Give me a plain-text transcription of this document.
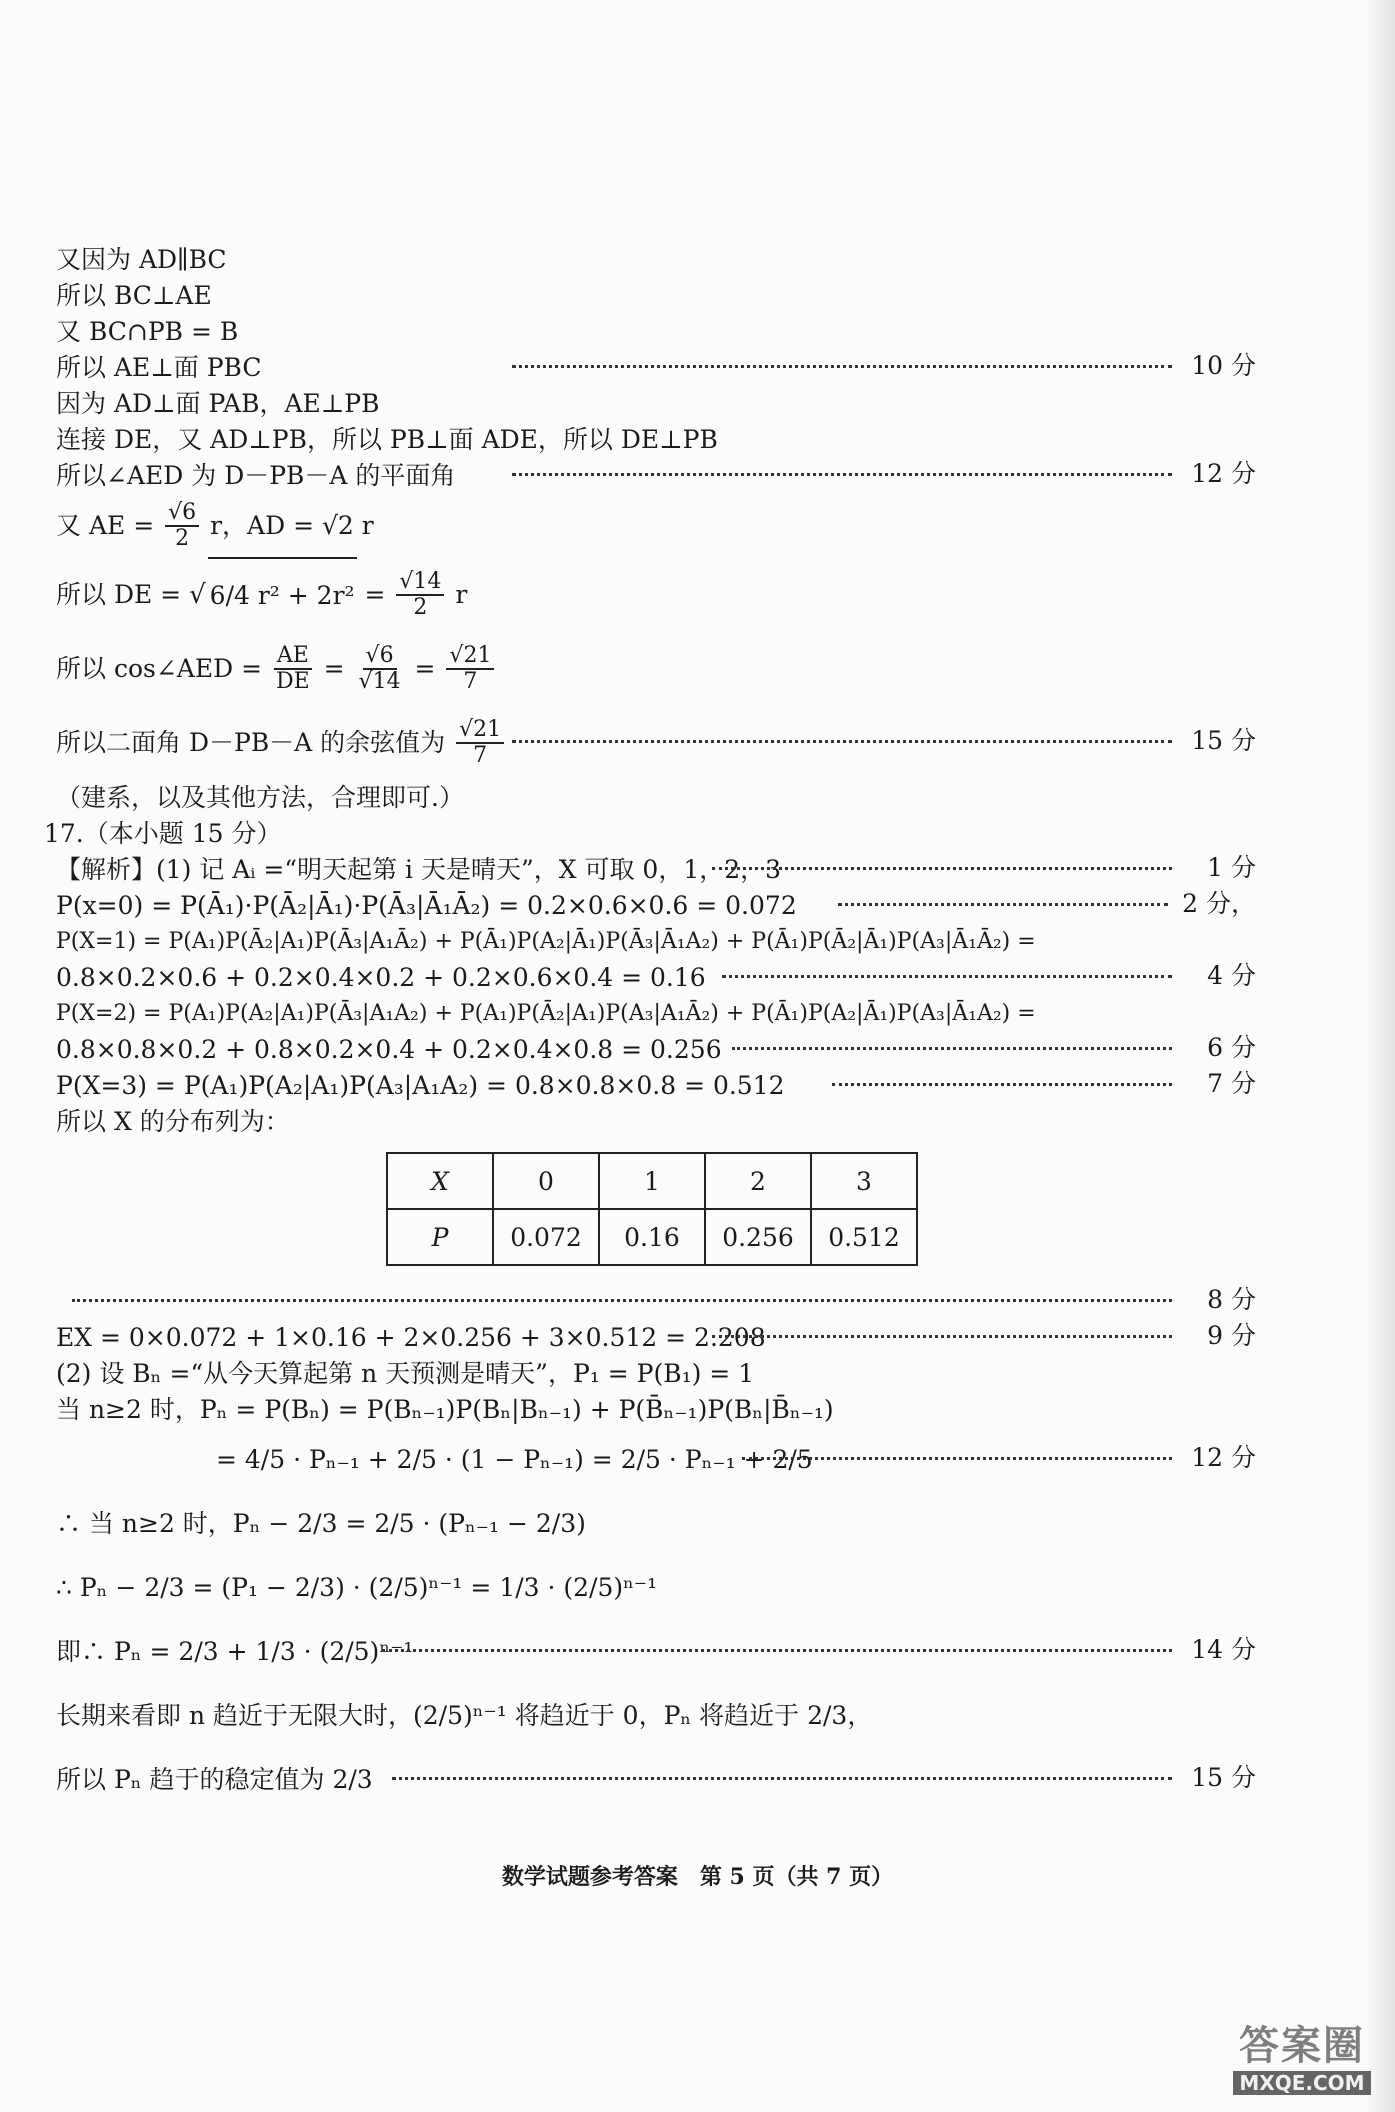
又因为 AD∥BC
所以 BC⊥AE
又 BC∩PB = B
所以 AE⊥面 PBC	10 分
因为 AD⊥面 PAB，AE⊥PB
连接 DE，又 AD⊥PB，所以 PB⊥面 ADE，所以 DE⊥PB
所以∠AED 为 D－PB－A 的平面角	12 分
又 AE = $\frac{√6}{2}$ r，AD = √2 r
所以 DE = √ 6/4 $r^2 + 2r^2 = \frac{√14}{2}$ r
所以 cos∠AED = $\frac{AE}{DE} = \frac{√6}{√14} = \frac{√21}{7}$
所以二面角 D－PB－A 的余弦值为 $\frac{√21}{7}$	15 分
（建系，以及其他方法，合理即可.）
17.（本小题 15 分）
【解析】(1) 记 Aᵢ =“明天起第 i 天是晴天”，X 可取 0，1，2，3	1 分
P(x=0) = P(Ā₁)·P(Ā₂|Ā₁)·P(Ā₃|Ā₁Ā₂) = 0.2×0.6×0.6 = 0.072	2 分，
P(X=1) = P(A₁)P(Ā₂|A₁)P(Ā₃|A₁Ā₂) + P(Ā₁)P(A₂|Ā₁)P(Ā₃|Ā₁A₂) + P(Ā₁)P(Ā₂|Ā₁)P(A₃|Ā₁Ā₂) =
0.8×0.2×0.6 + 0.2×0.4×0.2 + 0.2×0.6×0.4 = 0.16	4 分
P(X=2) = P(A₁)P(A₂|A₁)P(Ā₃|A₁A₂) + P(A₁)P(Ā₂|A₁)P(A₃|A₁Ā₂) + P(Ā₁)P(A₂|Ā₁)P(A₃|Ā₁A₂) =
0.8×0.8×0.2 + 0.8×0.2×0.4 + 0.2×0.4×0.8 = 0.256	6 分
P(X=3) = P(A₁)P(A₂|A₁)P(A₃|A₁A₂) = 0.8×0.8×0.8 = 0.512	7 分
所以 X 的分布列为：
X	0	1	2	3
P	0.072	0.16	0.256	0.512
8 分
EX = 0×0.072 + 1×0.16 + 2×0.256 + 3×0.512 = 2.208	9 分
(2) 设 Bₙ =“从今天算起第 n 天预测是晴天”，P₁ = P(B₁) = 1
当 n≥2 时，Pₙ = P(Bₙ) = P(Bₙ₋₁)P(Bₙ|Bₙ₋₁) + P(B̄ₙ₋₁)P(Bₙ|B̄ₙ₋₁)
= 4/5 · Pₙ₋₁ + 2/5 · (1 − Pₙ₋₁) = 2/5 · Pₙ₋₁ + 2/5	12 分
∴ 当 n≥2 时，Pₙ − 2/3 = 2/5 · (Pₙ₋₁ − 2/3)
∴ Pₙ − 2/3 = (P₁ − 2/3) · (2/5)ⁿ⁻¹ = 1/3 · (2/5)ⁿ⁻¹
即∴ Pₙ = 2/3 + 1/3 · (2/5)ⁿ⁻¹	14 分
长期来看即 n 趋近于无限大时，(2/5)ⁿ⁻¹ 将趋近于 0，Pₙ 将趋近于 2/3，
所以 Pₙ 趋于的稳定值为 2/3	15 分
数学试题参考答案　第 5 页（共 7 页）
答案圈
MXQE.COM
